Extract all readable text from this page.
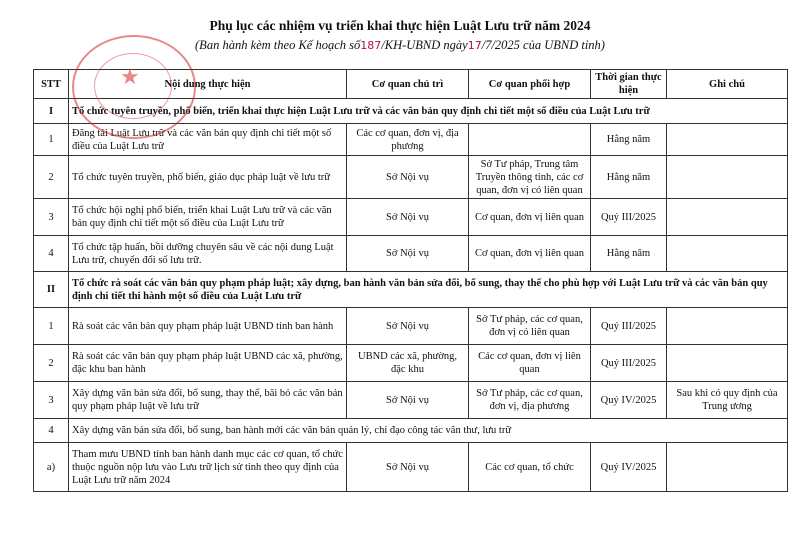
Phụ lục các nhiệm vụ triển khai thực hiện Luật Lưu trữ năm 2024
(Ban hành kèm theo Kế hoạch số187/KH-UBND ngày17/7/2025 của UBND tỉnh)
STT	Nội dung thực hiện	Cơ quan chủ trì	Cơ quan phối hợp	Thời gian thực hiện	Ghi chú
I	Tổ chức tuyên truyền, phổ biến, triển khai thực hiện Luật Lưu trữ và các văn bản quy định chi tiết một số điều của Luật Lưu trữ				
1	Đăng tải Luật Lưu trữ và các văn bản quy định chi tiết một số điều của Luật Lưu trữ	Các cơ quan, đơn vị, địa phương		Hằng năm	
2	Tổ chức tuyên truyền, phổ biến, giáo dục pháp luật về lưu trữ	Sở Nội vụ	Sở Tư pháp, Trung tâm Truyền thông tỉnh, các cơ quan, đơn vị có liên quan	Hằng năm	
3	Tổ chức hội nghị phổ biến, triển khai Luật Lưu trữ và các văn bản quy định chi tiết một số điều của Luật Lưu trữ	Sở Nội vụ	Cơ quan, đơn vị liên quan	Quý III/2025	
4	Tổ chức tập huấn, bồi dưỡng chuyên sâu về các nội dung Luật Lưu trữ, chuyển đổi số lưu trữ.	Sở Nội vụ	Cơ quan, đơn vị liên quan	Hằng năm	
II	Tổ chức rà soát các văn bản quy phạm pháp luật; xây dựng, ban hành văn bản sửa đổi, bổ sung, thay thế cho phù hợp với Luật Lưu trữ và các văn bản quy định chi tiết thi hành một số điều của Luật Lưu trữ				
1	Rà soát các văn bản quy phạm pháp luật UBND tỉnh ban hành	Sở Nội vụ	Sở Tư pháp, các cơ quan, đơn vị có liên quan	Quý III/2025	
2	Rà soát các văn bản quy phạm pháp luật UBND các xã, phường, đặc khu ban hành	UBND các xã, phường, đặc khu	Các cơ quan, đơn vị liên quan	Quý III/2025	
3	Xây dựng văn bản sửa đổi, bổ sung, thay thế, bãi bỏ các văn bản quy phạm pháp luật về lưu trữ	Sở Nội vụ	Sở Tư pháp, các cơ quan, đơn vị, địa phương	Quý IV/2025	Sau khi có quy định của Trung ương
4	Xây dựng văn bản sửa đổi, bổ sung, ban hành mới các văn bản quản lý, chỉ đạo công tác văn thư, lưu trữ				
a)	Tham mưu UBND tỉnh ban hành danh mục các cơ quan, tổ chức thuộc nguồn nộp lưu vào Lưu trữ lịch sử tỉnh theo quy định của Luật Lưu trữ năm 2024	Sở Nội vụ	Các cơ quan, tổ chức	Quý IV/2025	
★
